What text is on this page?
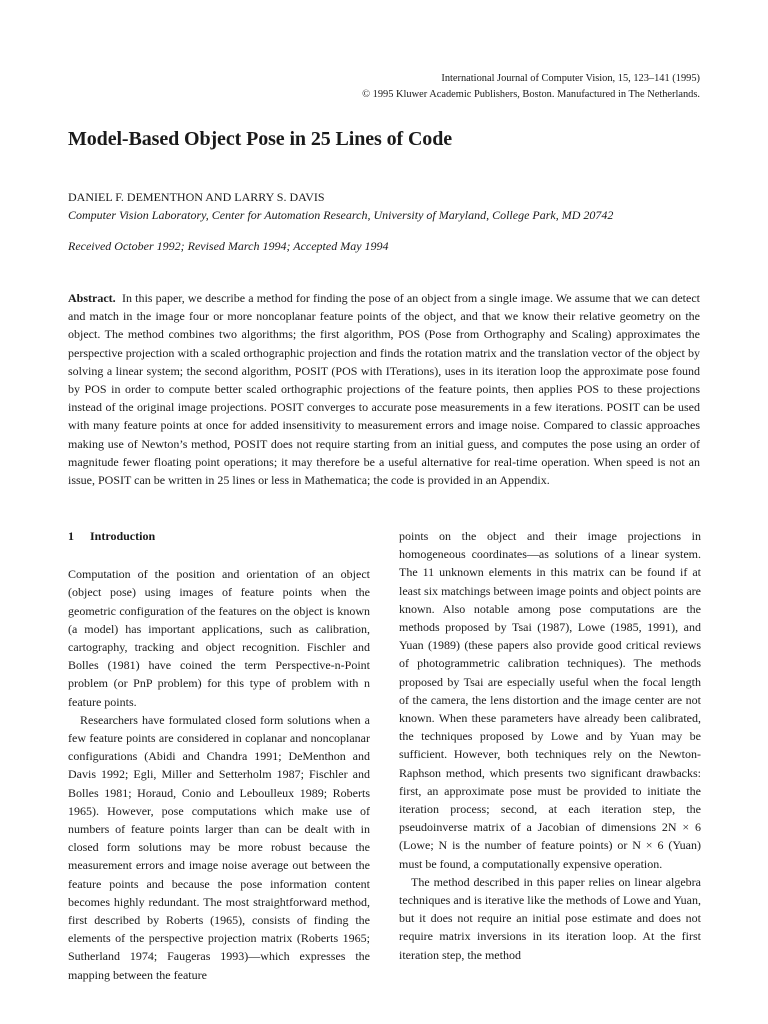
International Journal of Computer Vision, 15, 123–141 (1995)
© 1995 Kluwer Academic Publishers, Boston. Manufactured in The Netherlands.
Model-Based Object Pose in 25 Lines of Code
DANIEL F. DEMENTHON AND LARRY S. DAVIS
Computer Vision Laboratory, Center for Automation Research, University of Maryland, College Park, MD 20742
Received October 1992; Revised March 1994; Accepted May 1994

Abstract. In this paper, we describe a method for finding the pose of an object from a single image. We assume that we can detect and match in the image four or more noncoplanar feature points of the object, and that we know their relative geometry on the object. The method combines two algorithms; the first algorithm, POS (Pose from Orthography and Scaling) approximates the perspective projection with a scaled orthographic projection and finds the rotation matrix and the translation vector of the object by solving a linear system; the second algorithm, POSIT (POS with ITerations), uses in its iteration loop the approximate pose found by POS in order to compute better scaled orthographic projections of the feature points, then applies POS to these projections instead of the original image projections. POSIT converges to accurate pose measurements in a few iterations. POSIT can be used with many feature points at once for added insensitivity to measurement errors and image noise. Compared to classic approaches making use of Newton’s method, POSIT does not require starting from an initial guess, and computes the pose using an order of magnitude fewer floating point operations; it may therefore be a useful alternative for real-time operation. When speed is not an issue, POSIT can be written in 25 lines or less in Mathematica; the code is provided in an Appendix.

1 Introduction

Computation of the position and orientation of an object (object pose) using images of feature points when the geometric configuration of the features on the object is known (a model) has important applications, such as calibration, cartography, tracking and object recognition. Fischler and Bolles (1981) have coined the term Perspective-n-Point problem (or PnP problem) for this type of problem with n feature points.

Researchers have formulated closed form solutions when a few feature points are considered in coplanar and noncoplanar configurations (Abidi and Chandra 1991; DeMenthon and Davis 1992; Egli, Miller and Setterholm 1987; Fischler and Bolles 1981; Horaud, Conio and Leboulleux 1989; Roberts 1965). However, pose computations which make use of numbers of feature points larger than can be dealt with in closed form solutions may be more robust because the measurement errors and image noise average out between the feature points and because the pose information content becomes highly redundant. The most straightforward method, first described by Roberts (1965), consists of finding the elements of the perspective projection matrix (Roberts 1965; Sutherland 1974; Faugeras 1993)—which expresses the mapping between the feature

points on the object and their image projections in homogeneous coordinates—as solutions of a linear system. The 11 unknown elements in this matrix can be found if at least six matchings between image points and object points are known. Also notable among pose computations are the methods proposed by Tsai (1987), Lowe (1985, 1991), and Yuan (1989) (these papers also provide good critical reviews of photogrammetric calibration techniques). The methods proposed by Tsai are especially useful when the focal length of the camera, the lens distortion and the image center are not known. When these parameters have already been calibrated, the techniques proposed by Lowe and by Yuan may be sufficient. However, both techniques rely on the Newton-Raphson method, which presents two significant drawbacks: first, an approximate pose must be provided to initiate the iteration process; second, at each iteration step, the pseudoinverse matrix of a Jacobian of dimensions 2N × 6 (Lowe; N is the number of feature points) or N × 6 (Yuan) must be found, a computationally expensive operation.

The method described in this paper relies on linear algebra techniques and is iterative like the methods of Lowe and Yuan, but it does not require an initial pose estimate and does not require matrix inversions in its iteration loop. At the first iteration step, the method
